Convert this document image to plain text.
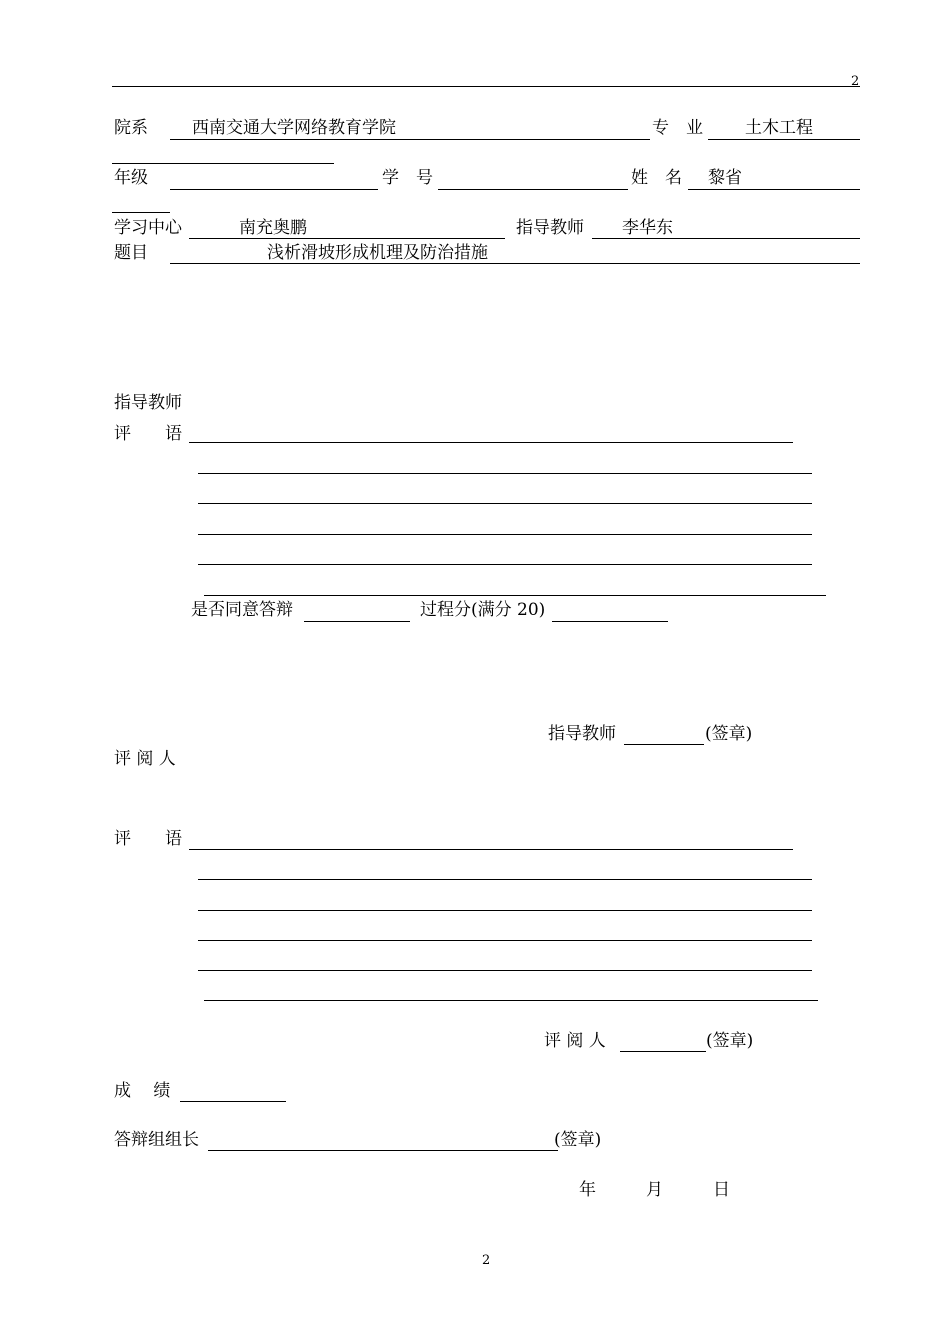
2
院系	西南交通大学网络教育学院	专　业 土木工程
年级	学　号	姓　名 黎省
学习中心	南充奥鹏	指导教师 李华东
题目	浅析滑坡形成机理及防治措施
指导教师
评　　语
是否同意答辩	过程分(满分 20)
指导教师	(签章)
评 阅 人
评　　语
评 阅 人	(签章)
成　 绩
答辩组组长	(签章)
年	月	日
2
